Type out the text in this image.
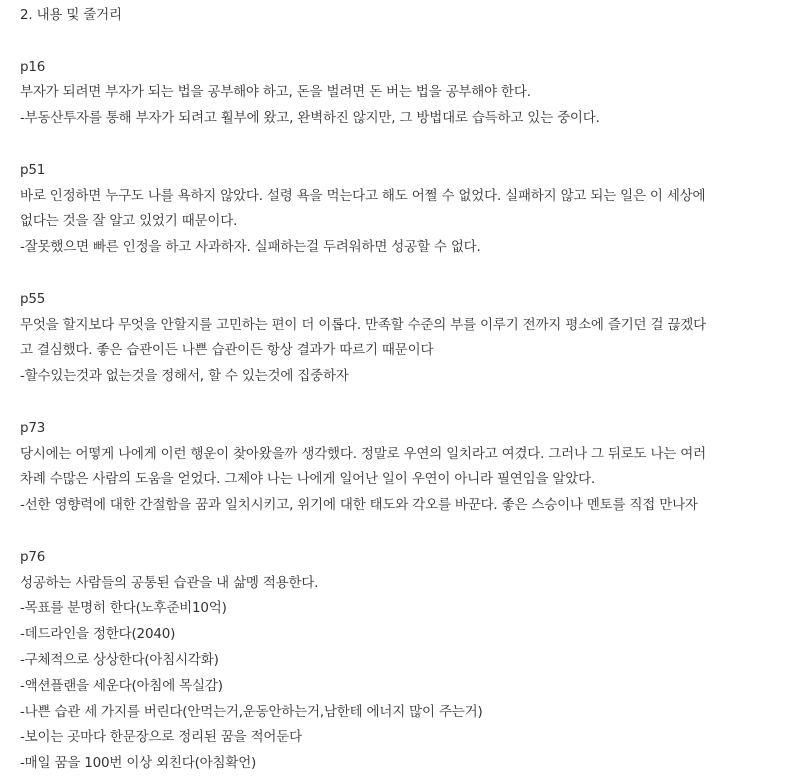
2. 내용 및 줄거리
p16
부자가 되려면 부자가 되는 법을 공부해야 하고, 돈을 벌려면 돈 버는 법을 공부해야 한다.
-부동산투자를 통해 부자가 되려고 훨부에 왔고, 완벽하진 않지만, 그 방법대로 습득하고 있는 중이다.
p51
바로 인정하면 누구도 나를 욕하지 않았다. 설령 욕을 먹는다고 해도 어쩔 수 없었다. 실패하지 않고 되는 일은 이 세상에
없다는 것을 잘 알고 있었기 때문이다.
-잘못했으면 빠른 인정을 하고 사과하자. 실패하는걸 두려워하면 성공할 수 없다.
p55
무엇을 할지보다 무엇을 안할지를 고민하는 편이 더 이롭다. 만족할 수준의 부를 이루기 전까지 평소에 즐기던 걸 끊겠다
고 결심했다. 좋은 습관이든 나쁜 습관이든 항상 결과가 따르기 때문이다
-할수있는것과 없는것을 정해서, 할 수 있는것에 집중하자
p73
당시에는 어떻게 나에게 이런 행운이 찾아왔을까 생각했다. 정말로 우연의 일치라고 여겼다. 그러나 그 뒤로도 나는 여러
차례 수많은 사람의 도움을 얻었다. 그제야 나는 나에게 일어난 일이 우연이 아니라 필연임을 알았다.
-선한 영향력에 대한 간절함을 꿈과 일치시키고, 위기에 대한 태도와 각오를 바꾼다. 좋은 스승이나 멘토를 직접 만나자
p76
성공하는 사람들의 공통된 습관을 내 삶멩 적용한다.
-목표를 분명히 한다(노후준비10억)
-데드라인을 정한다(2040)
-구체적으로 상상한다(아침시각화)
-액션플랜을 세운다(아침에 목실감)
-나쁜 습관 세 가지를 버린다(안먹는거,운동안하는거,남한테 에너지 많이 주는거)
-보이는 곳마다 한문장으로 정리된 꿈을 적어둔다
-매일 꿈을 100번 이상 외친다(아침확언)
